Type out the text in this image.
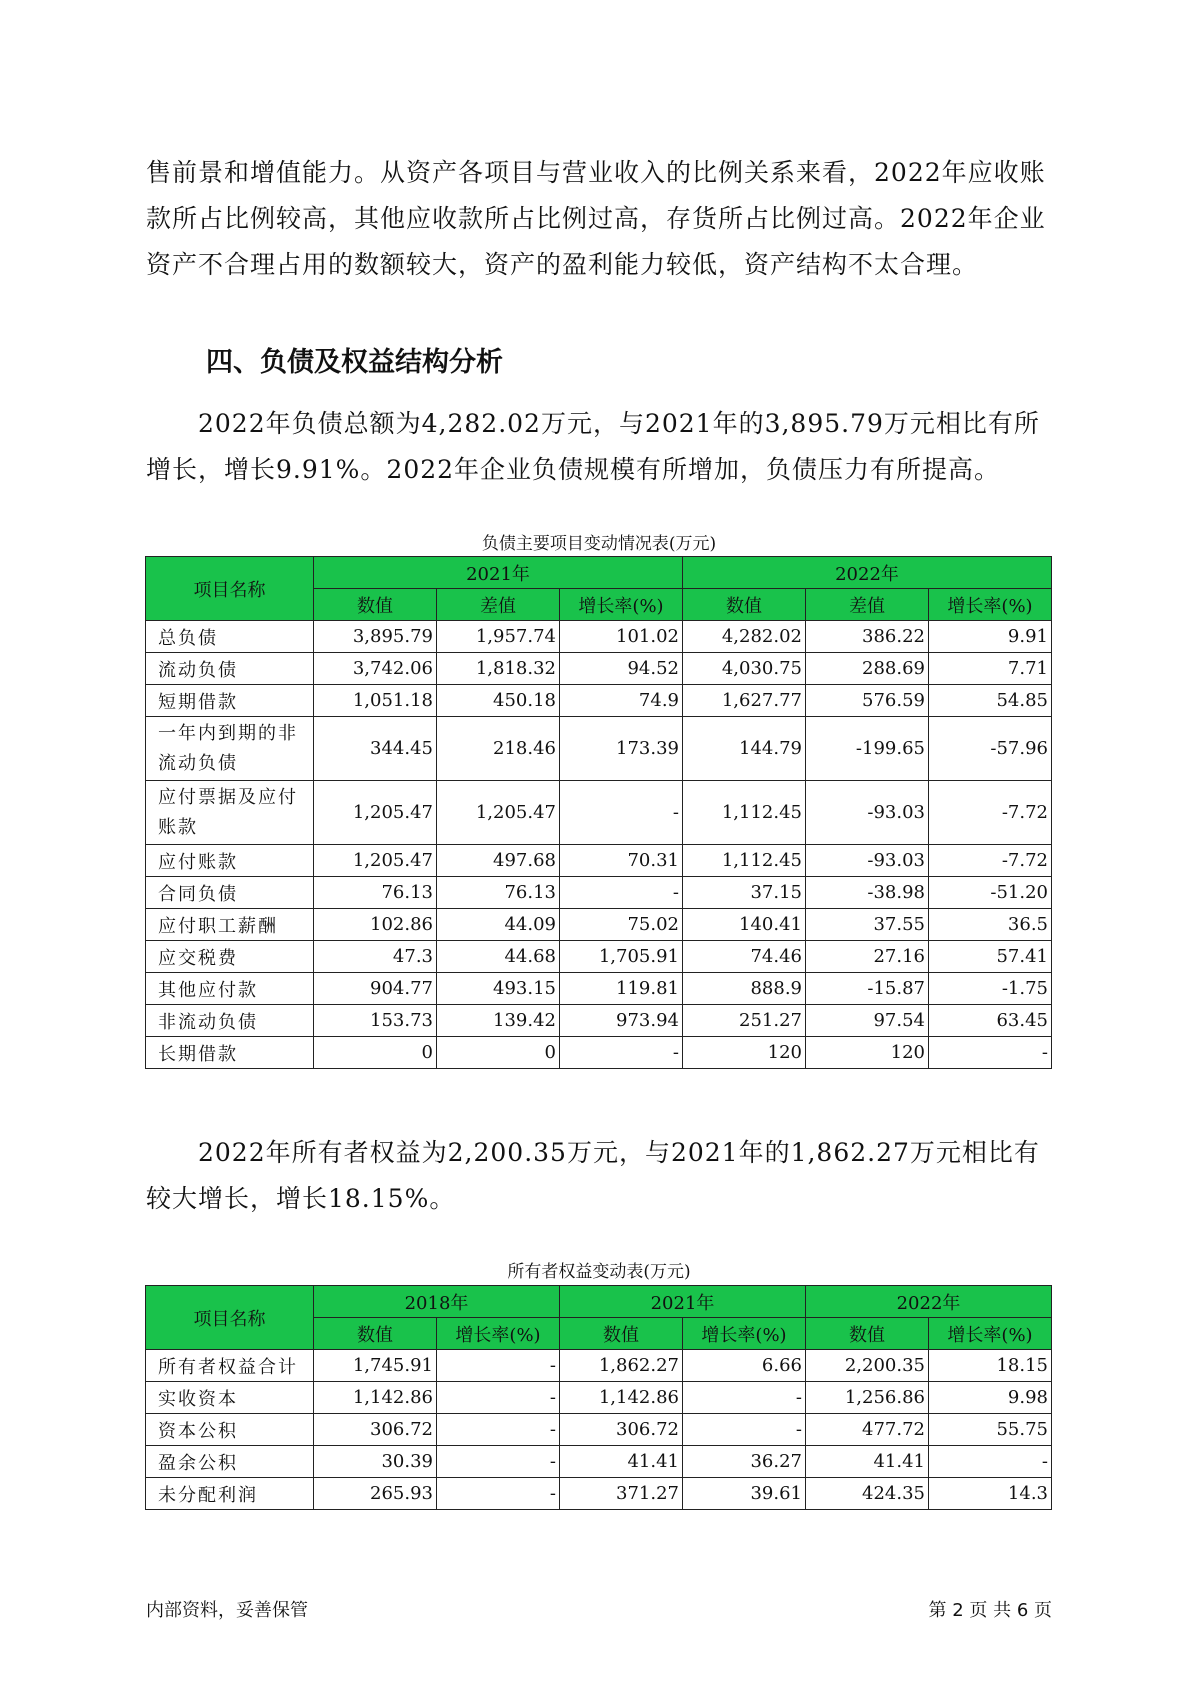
售前景和增值能力。从资产各项目与营业收入的比例关系来看，2022年应收账款所占比例较高，其他应收款所占比例过高，存货所占比例过高。2022年企业资产不合理占用的数额较大，资产的盈利能力较低，资产结构不太合理。

四、负债及权益结构分析

2022年负债总额为4,282.02万元，与2021年的3,895.79万元相比有所增长，增长9.91%。2022年企业负债规模有所增加，负债压力有所提高。

负债主要项目变动情况表(万元)
项目名称	2021年			2022年		
	数值	差值	增长率(%)	数值	差值	增长率(%)
总负债	3,895.79	1,957.74	101.02	4,282.02	386.22	9.91
流动负债	3,742.06	1,818.32	94.52	4,030.75	288.69	7.71
短期借款	1,051.18	450.18	74.9	1,627.77	576.59	54.85
一年内到期的非流动负债	344.45	218.46	173.39	144.79	-199.65	-57.96
应付票据及应付账款	1,205.47	1,205.47	-	1,112.45	-93.03	-7.72
应付账款	1,205.47	497.68	70.31	1,112.45	-93.03	-7.72
合同负债	76.13	76.13	-	37.15	-38.98	-51.20
应付职工薪酬	102.86	44.09	75.02	140.41	37.55	36.5
应交税费	47.3	44.68	1,705.91	74.46	27.16	57.41
其他应付款	904.77	493.15	119.81	888.9	-15.87	-1.75
非流动负债	153.73	139.42	973.94	251.27	97.54	63.45
长期借款	0	0	-	120	120	-

2022年所有者权益为2,200.35万元，与2021年的1,862.27万元相比有较大增长，增长18.15%。

所有者权益变动表(万元)
项目名称	2018年		2021年		2022年	
	数值	增长率(%)	数值	增长率(%)	数值	增长率(%)
所有者权益合计	1,745.91	-	1,862.27	6.66	2,200.35	18.15
实收资本	1,142.86	-	1,142.86	-	1,256.86	9.98
资本公积	306.72	-	306.72	-	477.72	55.75
盈余公积	30.39	-	41.41	36.27	41.41	-
未分配利润	265.93	-	371.27	39.61	424.35	14.3
内部资料，妥善保管	第 2 页 共 6 页
